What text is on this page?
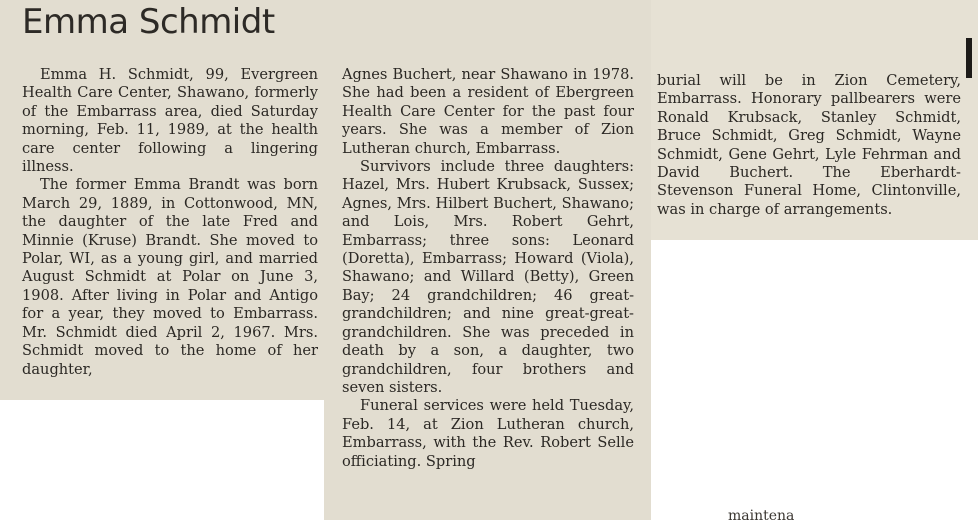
Emma Schmidt

Emma H. Schmidt, 99, Evergreen Health Care Center, Shawano, formerly of the Embarrass area, died Saturday morning, Feb. 11, 1989, at the health care center following a lingering illness.

The former Emma Brandt was born March 29, 1889, in Cottonwood, MN, the daughter of the late Fred and Minnie (Kruse) Brandt. She moved to Polar, WI, as a young girl, and married August Schmidt at Polar on June 3, 1908. After living in Polar and Antigo for a year, they moved to Embarrass. Mr. Schmidt died April 2, 1967. Mrs. Schmidt moved to the home of her daughter,

Agnes Buchert, near Shawano in 1978. She had been a resident of Ebergreen Health Care Center for the past four years. She was a member of Zion Lutheran church, Embarrass.

Survivors include three daughters: Hazel, Mrs. Hubert Krubsack, Sussex; Agnes, Mrs. Hilbert Buchert, Shawano; and Lois, Mrs. Robert Gehrt, Embarrass; three sons: Leonard (Doretta), Embarrass; Howard (Viola), Shawano; and Willard (Betty), Green Bay; 24 grandchildren; 46 great-grandchildren; and nine great-great-grandchildren. She was preceded in death by a son, a daughter, two grandchildren, four brothers and seven sisters.

Funeral services were held Tuesday, Feb. 14, at Zion Lutheran church, Embarrass, with the Rev. Robert Selle officiating. Spring

burial will be in Zion Cemetery, Embarrass. Honorary pallbearers were Ronald Krubsack, Stanley Schmidt, Bruce Schmidt, Greg Schmidt, Wayne Schmidt, Gene Gehrt, Lyle Fehrman and David Buchert. The Eberhardt-Stevenson Funeral Home, Clintonville, was in charge of arrangements.

maintena
